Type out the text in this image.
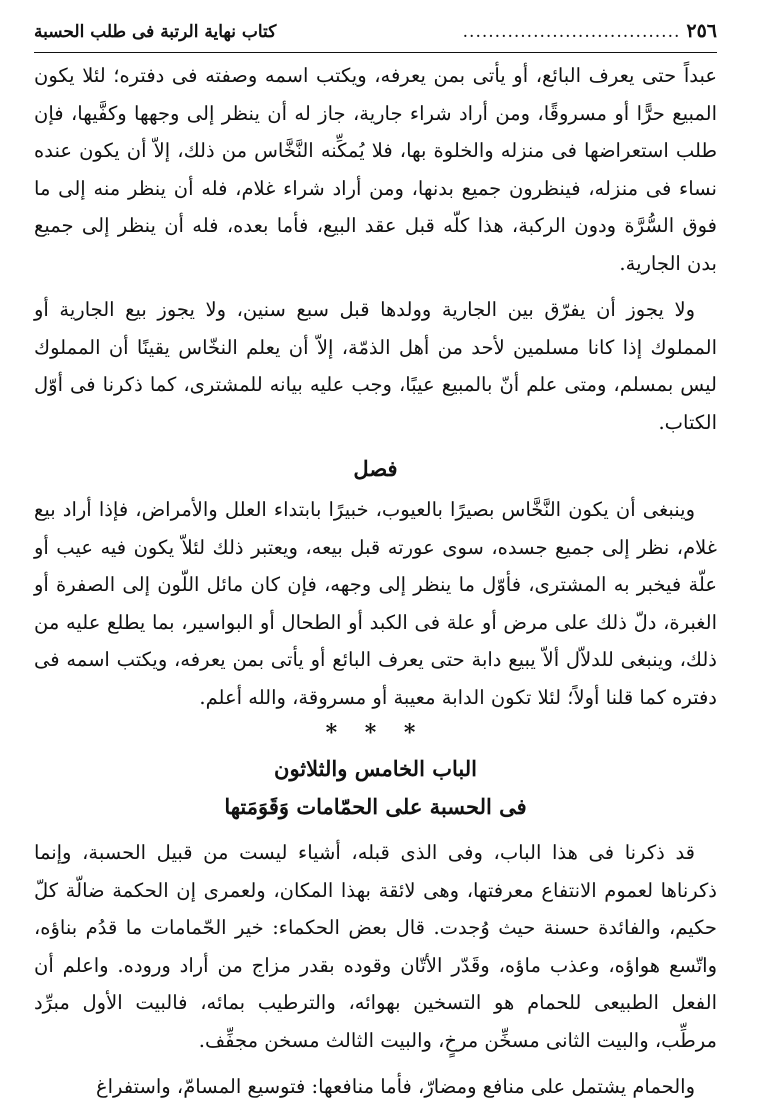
٢٥٦
..................................
كتاب نهاية الرتبة فى طلب الحسبة

عبداً حتى يعرف البائع، أو يأتى بمن يعرفه، ويكتب اسمه وصفته فى دفتره؛ لئلا يكون المبيع حرًّا أو مسروقًا، ومن أراد شراء جارية، جاز له أن ينظر إلى وجهها وكفَّيها، فإن طلب استعراضها فى منزله والخلوة بها، فلا يُمكِّنه النَّخَّاس من ذلك، إلاّ أن يكون عنده نساء فى منزله، فينظرون جميع بدنها، ومن أراد شراء غلام، فله أن ينظر منه إلى ما فوق السُّرَّة ودون الركبة، هذا كلّه قبل عقد البيع، فأما بعده، فله أن ينظر إلى جميع بدن الجارية.

ولا يجوز أن يفرّق بين الجارية وولدها قبل سبع سنين، ولا يجوز بيع الجارية أو المملوك إذا كانا مسلمين لأحد من أهل الذمّة، إلاّ أن يعلم النخّاس يقينًا أن المملوك ليس بمسلم، ومتى علم أنّ بالمبيع عيبًا، وجب عليه بيانه للمشترى، كما ذكرنا فى أوّل الكتاب.

فصل

وينبغى أن يكون النَّخَّاس بصيرًا بالعيوب، خبيرًا بابتداء العلل والأمراض، فإذا أراد بيع غلام، نظر إلى جميع جسده، سوى عورته قبل بيعه، ويعتبر ذلك لئلاّ يكون فيه عيب أو علّة فيخبر به المشترى، فأوّل ما ينظر إلى وجهه، فإن كان مائل اللّون إلى الصفرة أو الغبرة، دلّ ذلك على مرض أو علة فى الكبد أو الطحال أو البواسير، بما يطلع عليه من ذلك، وينبغى للدلاّل ألاّ يبيع دابة حتى يعرف البائع أو يأتى بمن يعرفه، ويكتب اسمه فى دفتره كما قلنا أولاً؛ لئلا تكون الدابة معيبة أو مسروقة، والله أعلم.

* * *
الباب الخامس والثلاثون
فى الحسبة على الحمّامات وَقَوَمَتها

قد ذكرنا فى هذا الباب، وفى الذى قبله، أشياء ليست من قبيل الحسبة، وإنما ذكرناها لعموم الانتفاع معرفتها، وهى لائقة بهذا المكان، ولعمرى إن الحكمة ضالّة كلّ حكيم، والفائدة حسنة حيث وُجدت. قال بعض الحكماء: خير الحّمامات ما قدُم بناؤه، واتّسع هواؤه، وعذب ماؤه، وقَدّر الأتّان وقوده بقدر مزاج من أراد وروده. واعلم أن الفعل الطبيعى للحمام هو التسخين بهوائه، والترطيب بمائه، فالبيت الأول مبرِّد مرطِّب، والبيت الثانى مسخِّن مرخٍ، والبيت الثالث مسخن مجفِّف.

والحمام يشتمل على منافع ومضارّ، فأما منافعها: فتوسيع المسامّ، واستفراغ
